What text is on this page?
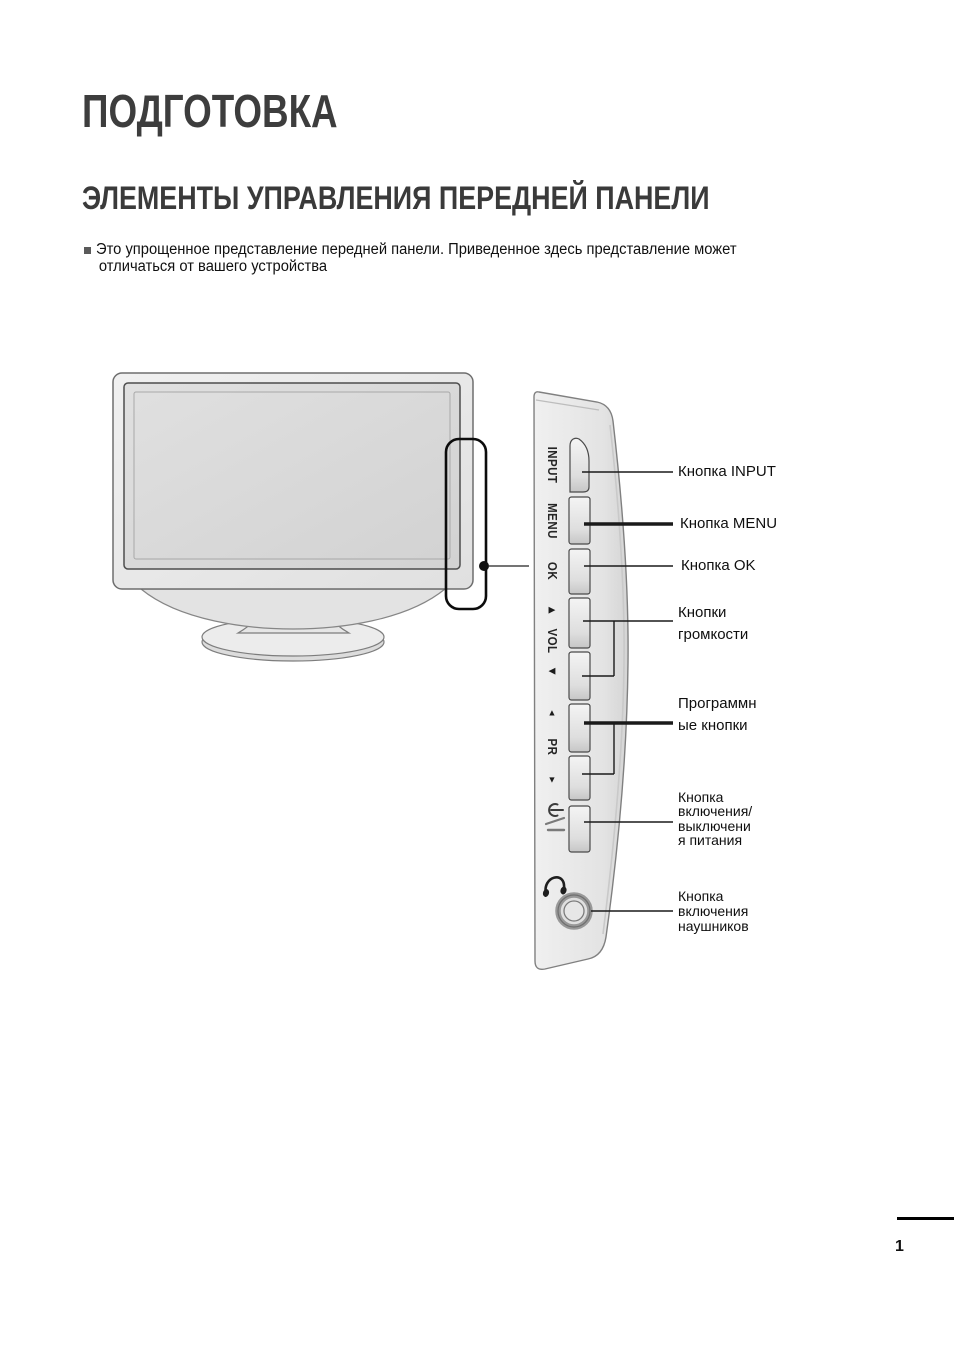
ПОДГОТОВКА
ЭЛЕМЕНТЫ УПРАВЛЕНИЯ ПЕРЕДНЕЙ ПАНЕЛИ
Это упрощенное представление передней панели. Приведенное здесь представление может
отличаться от вашего устройства
INPUT
MENU
OK
▶
VOL
◀
▲
PR
▼
Кнопка INPUT
Кнопка MENU
Кнопка OK
Кнопки
громкости
Программн
ые кнопки
Кнопка
включения/
выключени
я питания
Кнопка
включения
наушников
1
